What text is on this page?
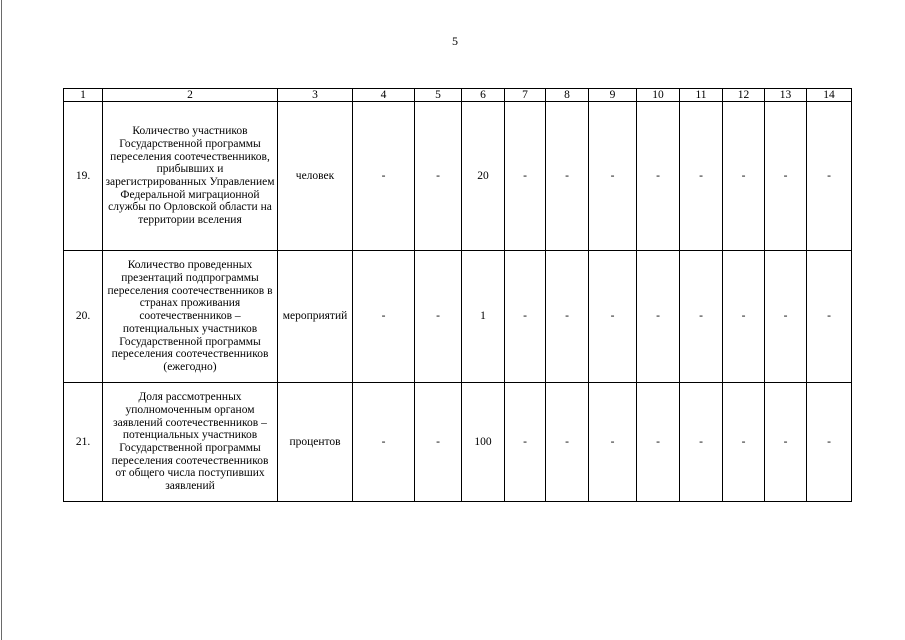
5
1	2	3	4	5	6	7	8	9	10	11	12	13	14
19.	Количество участников Государственной программы переселения соотечественников, прибывших и зарегистрированных Управлением Федеральной миграционной службы по Орловской области на территории вселения	человек	-	-	20	-	-	-	-	-	-	-	-
20.	Количество проведенных презентаций подпрограммы переселения соотечественников в странах проживания соотечественников – потенциальных участников Государственной программы переселения соотечественников (ежегодно)	мероприятий	-	-	1	-	-	-	-	-	-	-	-
21.	Доля рассмотренных уполномоченным органом заявлений соотечественников – потенциальных участников Государственной программы переселения соотечественников от общего числа поступивших заявлений	процентов	-	-	100	-	-	-	-	-	-	-	-
